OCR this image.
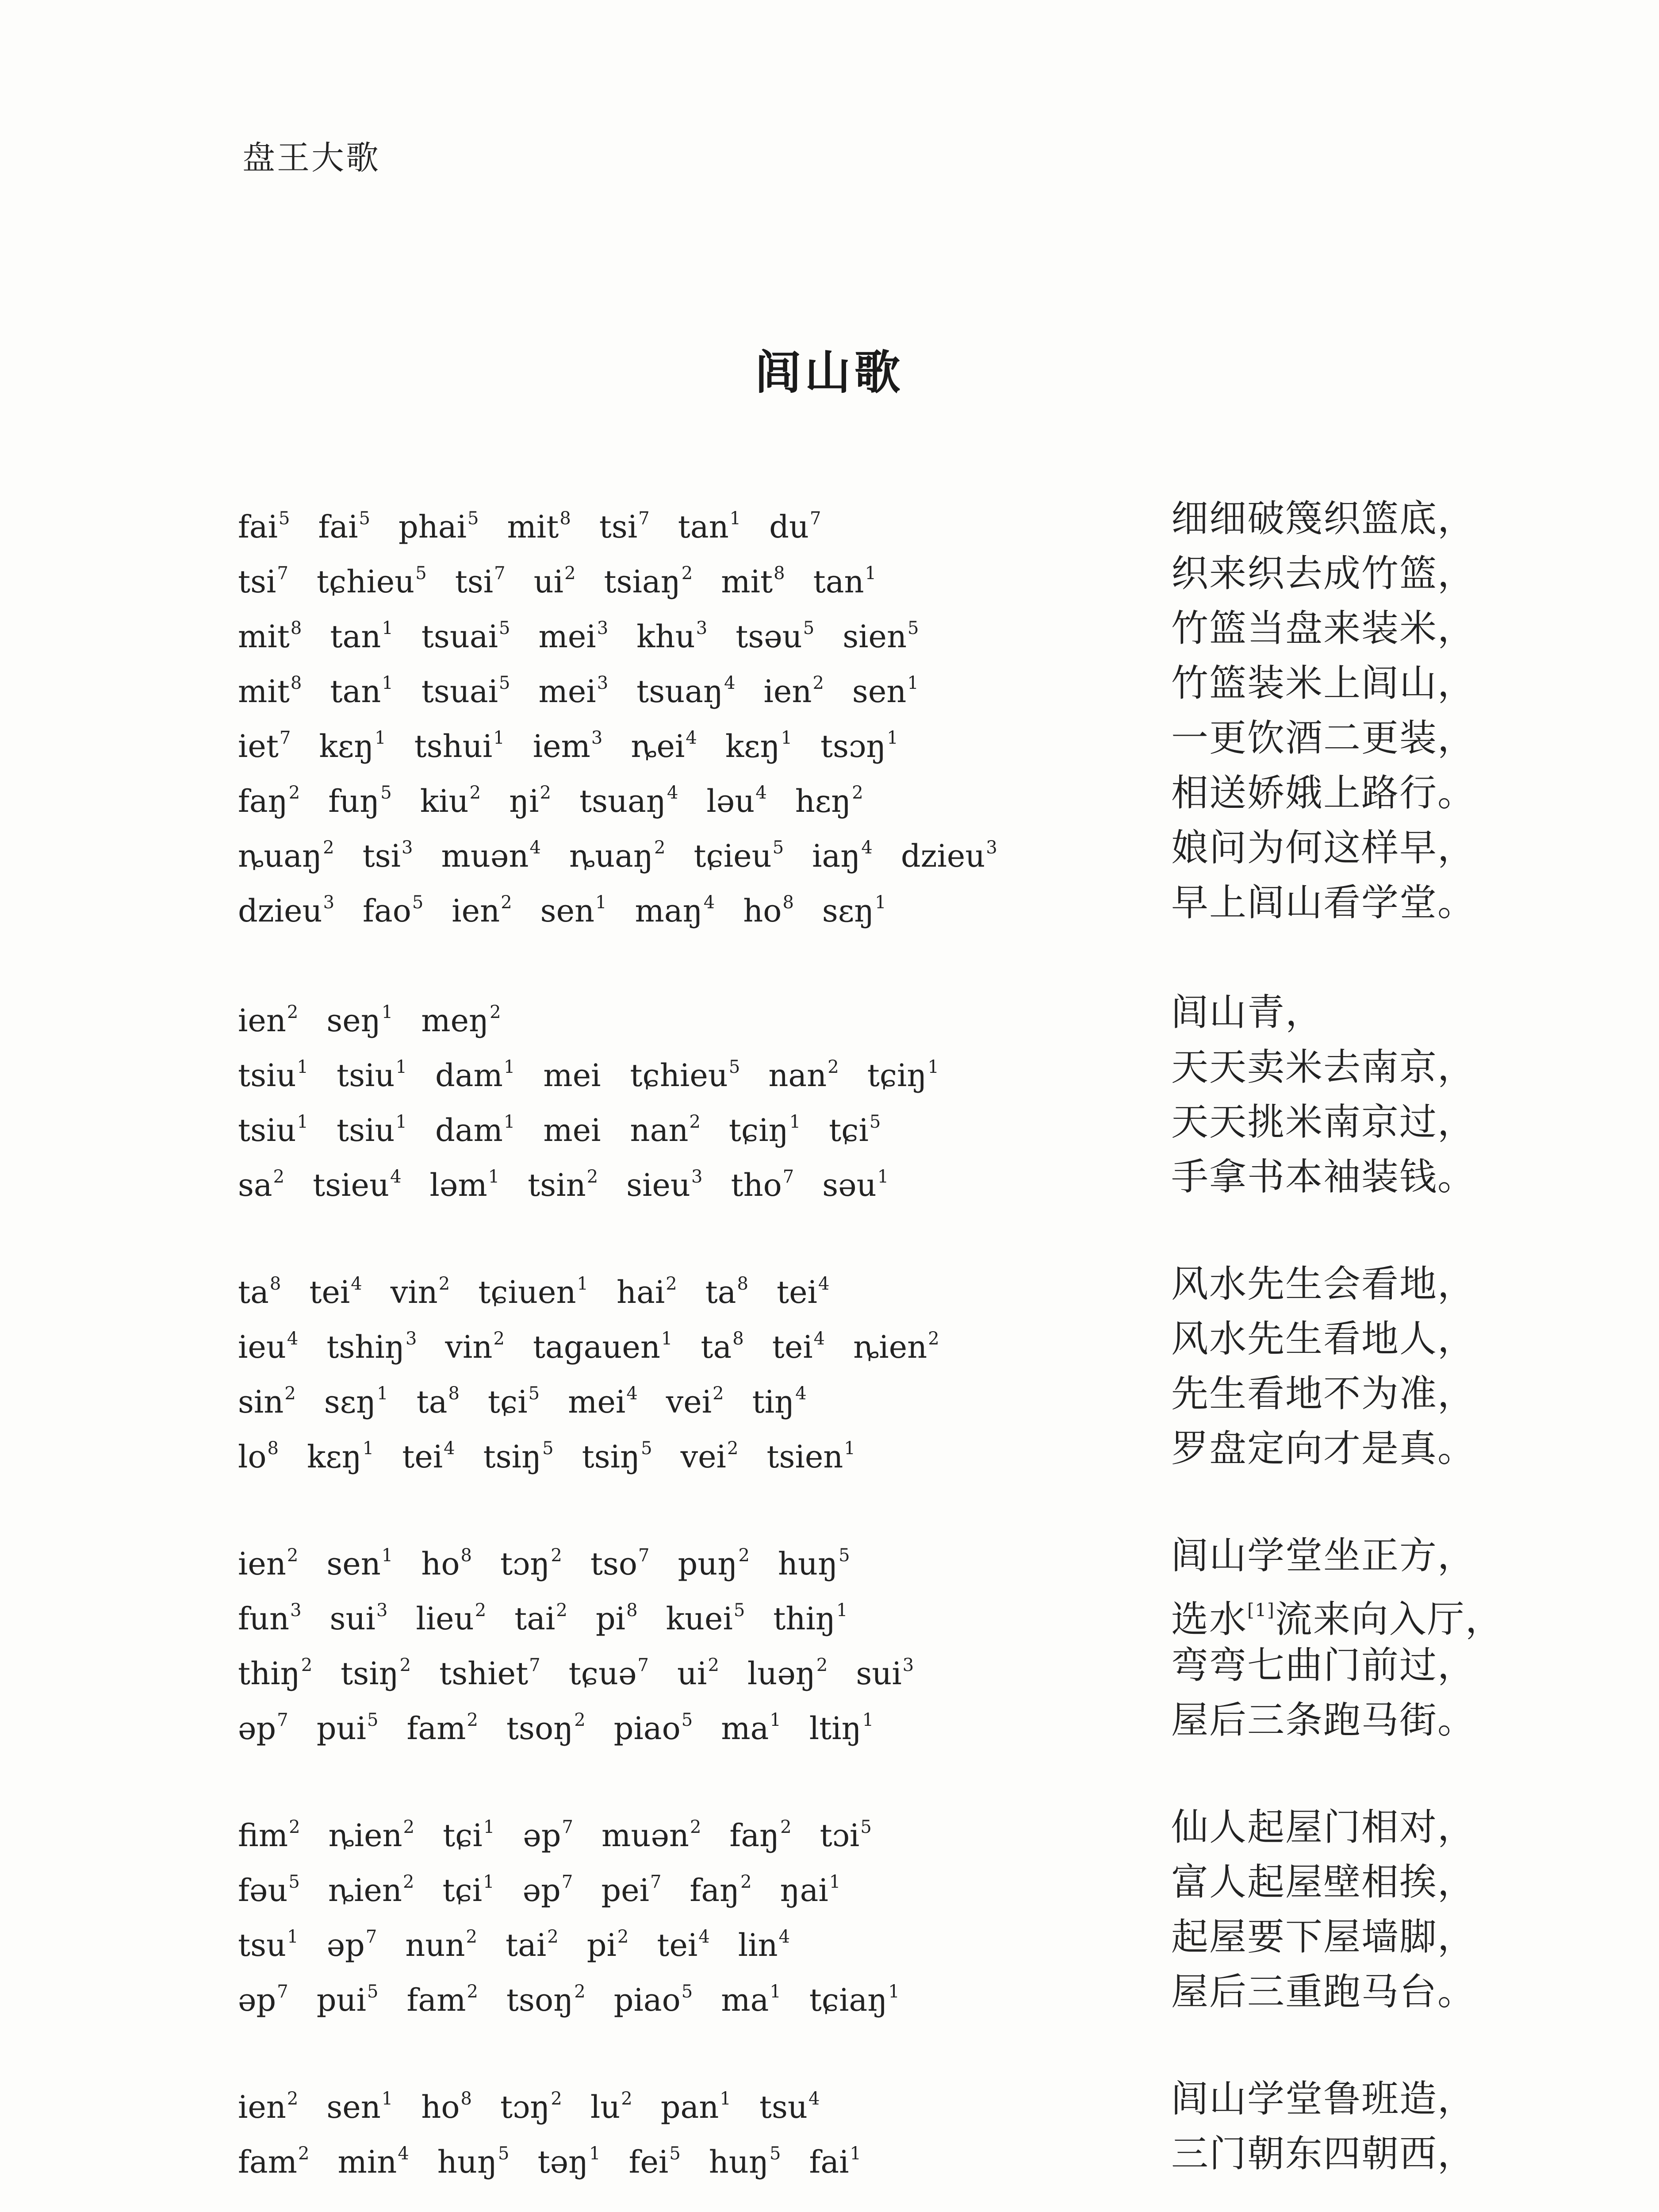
盘王大歌
闾山歌
fai$^5$ fai$^5$ phai$^5$ mit$^8$ tsi$^7$ $\tan^1 du^7$	细细破篾织篮底，
tsi$^7$ tɕhieu$^5$ tsi$^7$ $ui^2$ tsiaŋ$^2$ mit$^8$ $\tan^1$	织来织去成竹篮，
mit$^8$ $\tan^1$ tsuai$^5$ mei$^3$ khu$^3$ tsəu$^5$ sien$^5$	竹篮当盘来装米，
mit$^8$ $\tan^1$ tsuai$^5$ mei$^3$ tsuaŋ$^4$ ien$^2$ sen$^1$	竹篮装米上闾山，
iet$^7$ kɛŋ$^1$ tshui$^1$ iem$^3$ ȵei$^4$ kɛŋ$^1$ tsɔŋ$^1$	一更饮酒二更装，
faŋ$^2$ fuŋ$^5$ kiu$^2$ $ŋi^2$ tsuaŋ$^4$ ləu$^4$ hɛŋ$^2$	相送娇娥上路行。
ȵuaŋ$^2$ tsi$^3$ muən$^4$ ȵuaŋ$^2$ tɕieu$^5$ iaŋ$^4$ dzieu$^3$	娘问为何这样早，
dzieu$^3$ fao$^5$ ien$^2$ sen$^1$ maŋ$^4$ $ho^8$ sɛŋ$^1$	早上闾山看学堂。
ien$^2$ seŋ$^1$ meŋ$^2$	闾山青，
tsiu$^1$ tsiu$^1$ dam$^1$ mei tɕhieu$^5$ nan$^2$ tɕiŋ$^1$	天天卖米去南京，
tsiu$^1$ tsiu$^1$ dam$^1$ mei nan$^2$ tɕiŋ$^1$ tɕi$^5$	天天挑米南京过，
$sa^2$ tsieu$^4$ ləm$^1$ tsin$^2$ sieu$^3$ tho$^7$ səu$^1$	手拿书本袖装钱。
$ta^8$ tei$^4$ vin$^2$ tɕiuen$^1$ hai$^2$ $ta^8$ tei$^4$	风水先生会看地，
ieu$^4$ tshiŋ$^3$ vin$^2$ tagauen$^1$ $ta^8$ tei$^4$ ȵien$^2$	风水先生看地人，
$\sin^2$ sɛŋ$^1$ $ta^8$ tɕi$^5$ mei$^4$ vei$^2$ tiŋ$^4$	先生看地不为准，
$lo^8$ kɛŋ$^1$ tei$^4$ tsiŋ$^5$ tsiŋ$^5$ vei$^2$ tsien$^1$	罗盘定向才是真。
ien$^2$ sen$^1$ $ho^8$ tɔŋ$^2$ tso$^7$ puŋ$^2$ huŋ$^5$	闾山学堂坐正方，
fun$^3$ sui$^3$ lieu$^2$ tai$^2$ $pi^8$ kuei$^5$ thiŋ$^1$	选水[1]流来向入厅，
thiŋ$^2$ tsiŋ$^2$ tshiet$^7$ tɕuə$^7$ $ui^2$ luəŋ$^2$ sui$^3$	弯弯七曲门前过，
əp$^7$ pui$^5$ fam$^2$ tsoŋ$^2$ piao$^5$ $ma^1$ ltiŋ$^1$	屋后三条跑马街。
fim$^2$ ȵien$^2$ tɕi$^1$ əp$^7$ muən$^2$ faŋ$^2$ tɔi$^5$	仙人起屋门相对，
fəu$^5$ ȵien$^2$ tɕi$^1$ əp$^7$ pei$^7$ faŋ$^2$ ŋai$^1$	富人起屋壁相挨，
tsu$^1$ əp$^7$ nun$^2$ tai$^2$ $pi^2$ tei$^4$ lin$^4$	起屋要下屋墙脚，
əp$^7$ pui$^5$ fam$^2$ tsoŋ$^2$ piao$^5$ $ma^1$ tɕiaŋ$^1$	屋后三重跑马台。
ien$^2$ sen$^1$ $ho^8$ tɔŋ$^2$ $lu^2$ pan$^1$ tsu$^4$	闾山学堂鲁班造，
fam$^2$ $\min^4$ huŋ$^5$ təŋ$^1$ fei$^5$ huŋ$^5$ fai$^1$	三门朝东四朝西，
